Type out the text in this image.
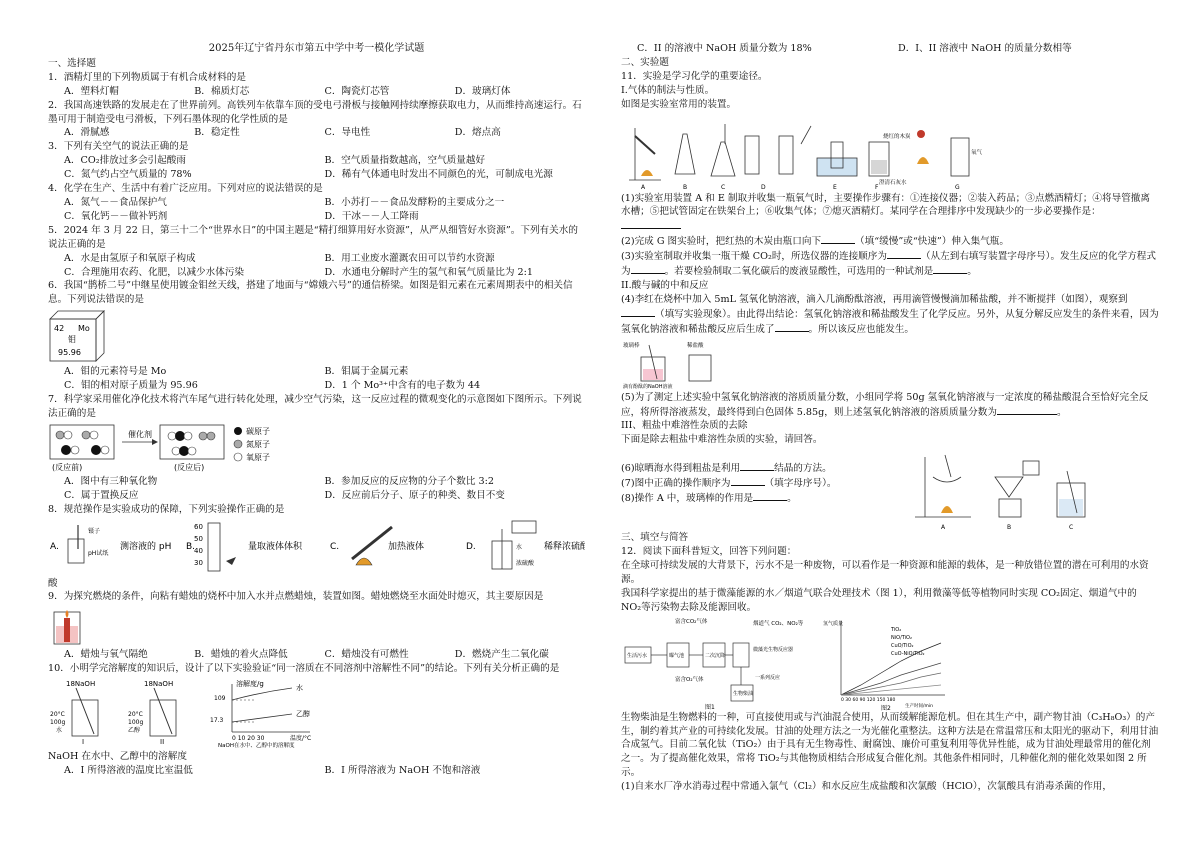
2025年辽宁省丹东市第五中学中考一模化学试题

一、选择题

1．酒精灯里的下列物质属于有机合成材料的是

A．塑料灯帽	B．棉质灯芯	C．陶瓷灯芯管	D．玻璃灯体

2．我国高速铁路的发展走在了世界前列。高铁列车依靠车顶的受电弓滑板与接触网持续摩擦获取电力，从而维持高速运行。石墨可用于制造受电弓滑板，下列石墨体现的化学性质的是

A．滑腻感	B．稳定性	C．导电性	D．熔点高

3．下列有关空气的说法正确的是

A．CO₂排放过多会引起酸雨	B．空气质量指数越高，空气质量越好
C．氮气约占空气质量的 78%	D．稀有气体通电时发出不同颜色的光，可制成电光源

4．化学在生产、生活中有着广泛应用。下列对应的说法错误的是

A．氮气－－食品保护气	B．小苏打－－食品发酵粉的主要成分之一
C．氧化钙－－做补钙剂	D．干冰－－人工降雨

5．2024 年 3 月 22 日，第三十二个“世界水日”的中国主题是“精打细算用好水资源”，从严从细管好水资源”。下列有关水的说法正确的是

A．水是由氢原子和氧原子构成	B．用工业废水灌溉农田可以节约水资源
C．合理施用农药、化肥，以减少水体污染	D．水通电分解时产生的氢气和氧气质量比为 2:1

6．我国“鹊桥二号”中继星使用镀金钼丝天线，搭建了地面与“嫦娥六号”的通信桥梁。如图是钼元素在元素周期表中的相关信息。下列说法错误的是

42 Mo
钼
95.96
A．钼的元素符号是 Mo	B．钼属于金属元素
C．钼的相对原子质量为 95.96	D．1 个 Mo³⁺中含有的电子数为 44

7．科学家采用催化净化技术将汽车尾气进行转化处理，减少空气污染，这一反应过程的微观变化的示意图如下图所示。下列说法正确的是

催化剂
(反应前)	(反应后)
碳原子
氮原子
氧原子
A．图中有三种氧化物	B．参加反应的反应物的分子个数比 3:2
C．属于置换反应	D．反应前后分子、原子的种类、数目不变

8．规范操作是实验成功的保障，下列实验操作正确的是

A.
镊子
pH试纸
测溶液的 pH B.
60
50
40
30
量取液体体积	C.	加热液体	D.	水
浓硫酸
稀释浓硫酸

酸

9．为探究燃烧的条件，向粘有蜡烛的烧杯中加入水并点燃蜡烛，装置如图。蜡烛燃烧至水面处时熄灭，其主要原因是

A．蜡烛与氧气隔绝	B．蜡烛的着火点降低	C．蜡烛没有可燃性	D．燃烧产生二氧化碳

10．小明学完溶解度的知识后，设计了以下实验验证“同一溶质在不同溶剂中溶解性不同”的结论。下列有关分析正确的是

18NaOH
20°C
100g
水
I
18NaOH
20°C
100g
乙醇
II
溶解度/g
109
17.3
水
乙醇
0 10 20 30	温度/°C
NaOH在水中、乙醇中的溶解度

NaOH 在水中、乙醇中的溶解度

A．I 所得溶液的温度比室温低	B．I 所得溶液为 NaOH 不饱和溶液
C．II 的溶液中 NaOH 质量分数为 18%	D．I、II 溶液中 NaOH 的质量分数相等

二、实验题

11．实验是学习化学的重要途径。

I.气体的制法与性质。

如图是实验室常用的装置。

烧红的木炭
氧气
澄清石灰水
A	B	C	D	E	F	G

(1)实验室用装置 A 和 E 制取并收集一瓶氧气时，主要操作步骤有：①连接仪器；②装入药品；③点燃酒精灯；④将导管撤离水槽；⑤把试管固定在铁架台上；⑥收集气体；⑦熄灭酒精灯。某同学在合理排序中发现缺少的一步必要操作是：

(2)完成 G 图实验时，把红热的木炭由瓶口向下	（填“缓慢”或“快速”）伸入集气瓶。

(3)实验室制取并收集一瓶干燥 CO₂时，所选仪器的连接顺序为	（从左到右填写装置字母序号）。发生反应的化学方程式为	。若要检验制取二氧化碳后的废液显酸性，可选用的一种试剂是	。

II.酸与碱的中和反应

(4)李红在烧杯中加入 5mL 氢氧化钠溶液，滴入几滴酚酞溶液，再用滴管慢慢滴加稀盐酸，并不断搅拌（如图），观察到（填写实验现象）。由此得出结论：氢氧化钠溶液和稀盐酸发生了化学反应。另外，从复分解反应发生的条件来看，因为氢氧化钠溶液和稀盐酸反应后生成了	。所以该反应也能发生。

玻璃棒	稀盐酸
滴有酚酞的NaOH溶液

(5)为了测定上述实验中氢氧化钠溶液的溶质质量分数，小组同学将 50g 氢氧化钠溶液与一定浓度的稀盐酸混合至恰好完全反应，将所得溶液蒸发，最终得到白色固体 5.85g，则上述氢氧化钠溶液的溶质质量分数为	。

III、粗盐中难溶性杂质的去除

下面是除去粗盐中难溶性杂质的实验，请回答。

(6)晾晒海水得到粗盐是利用	结晶的方法。

(7)图中正确的操作顺序为	（填字母序号）。

(8)操作 A 中，玻璃棒的作用是	。

A	B	C

三、填空与简答

12．阅读下面科普短文，回答下列问题：

在全球可持续发展的大背景下，污水不是一种废物，可以看作是一种资源和能源的载体，是一种放错位置的潜在可利用的水资源。

我国科学家提出的基于微藻能源的水／烟道气联合处理技术（图 1），利用微藻等低等植物同时实现 CO₂固定、烟道气中的 NO₂等污染物去除及能源回收。

富含CO₂气体	烟道气 CO₂、NO₂等
生活污水	曝气池	二次沉降
微藻光生物反应器
一系列反应
生物柴油
富含O₂气体
图1
氢气质量
TiO₂
NiO/TiO₂
CuO/TiO₂
CuO-NiO/TiO₂
0 30 60 90 120 150 180
生产时间/min
图2

生物柴油是生物燃料的一种，可直接使用或与汽油混合使用，从而缓解能源危机。但在其生产中，副产物甘油（C₃H₈O₃）的产生，制约着其产业的可持续化发展。甘油的处理方法之一为光催化重整法。这种方法是在常温常压和太阳光的驱动下，利用甘油合成氢气。目前二氧化钛（TiO₂）由于具有无生物毒性、耐腐蚀、廉价可重复利用等优异性能，成为甘油处理最常用的催化剂之一。为了提高催化效果，常将 TiO₂与其他物质相结合形成复合催化剂。其他条件相同时，几种催化剂的催化效果如图 2 所示。

(1)自来水厂净水消毒过程中常通入氯气（Cl₂）和水反应生成盐酸和次氯酸（HClO），次氯酸具有消毒杀菌的作用，
